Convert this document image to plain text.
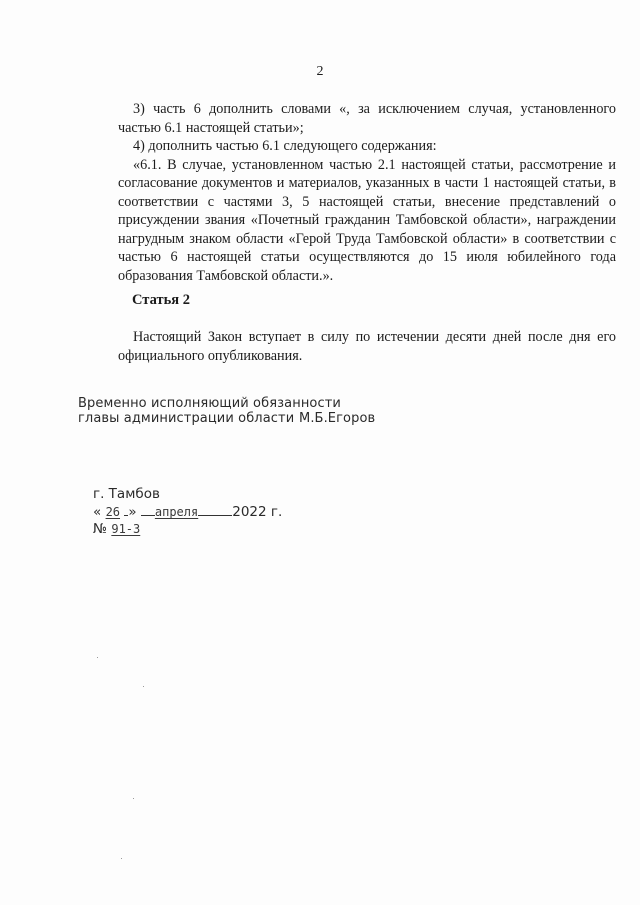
2

3) часть 6 дополнить словами «, за исключением случая, установленного частью 6.1 настоящей статьи»;

4) дополнить частью 6.1 следующего содержания:

«6.1. В случае, установленном частью 2.1 настоящей статьи, рассмотрение и согласование документов и материалов, указанных в части 1 настоящей статьи, в соответствии с частями 3, 5 настоящей статьи, внесение представлений о присуждении звания «Почетный гражданин Тамбовской области», награждении нагрудным знаком области «Герой Труда Тамбовской области» в соответствии с частью 6 настоящей статьи осуществляются до 15 июля юбилейного года образования Тамбовской области.».

Статья 2

Настоящий Закон вступает в силу по истечении десяти дней после дня его официального опубликования.

Временно исполняющий обязанности
главы администрации области М.Б.Егоров
г. Тамбов
« 26 » апреля	2022 г.
№ 91-З
